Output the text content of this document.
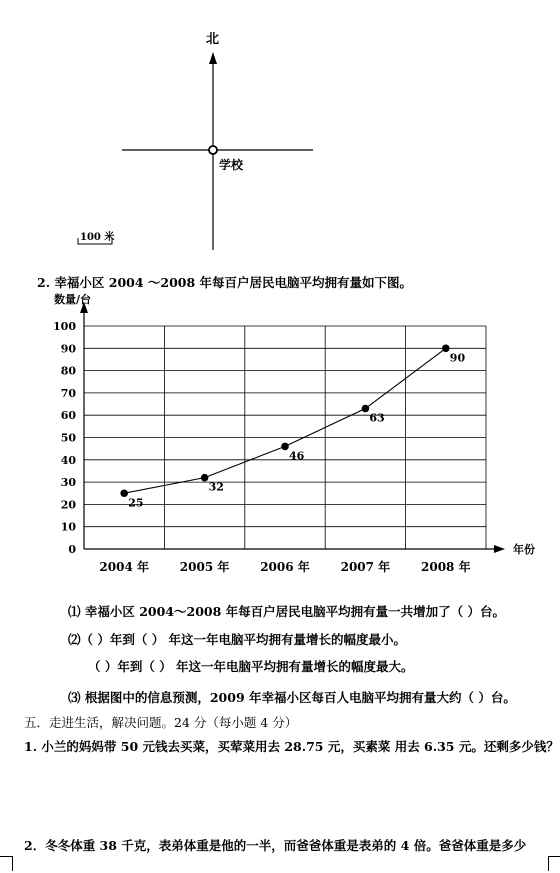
北
学校
100 米
2. 幸福小区 2004 ～2008 年每百户居民电脑平均拥有量如下图。
0
10
20
30
40
50
60
70
80
90
100
数量/台
年份
2004 年	2005 年	2006 年	2007 年	2008 年
25
32
46
63
90
⑴ 幸福小区 2004～2008 年每百户居民电脑平均拥有量一共增加了（ ）台。
⑵（ ）年到（ ） 年这一年电脑平均拥有量增长的幅度最小。
（ ）年到（ ） 年这一年电脑平均拥有量增长的幅度最大。
⑶ 根据图中的信息预测，2009 年幸福小区每百人电脑平均拥有量大约（ ）台。
五．走进生活，解决问题。24 分（每小题 4 分）
1. 小兰的妈妈带 50 元钱去买菜，买荤菜用去 28.75 元，买素菜 用去 6.35 元。还剩多少钱？
2．冬冬体重 38 千克，表弟体重是他的一半，而爸爸体重是表弟的 4 倍。爸爸体重是多少
